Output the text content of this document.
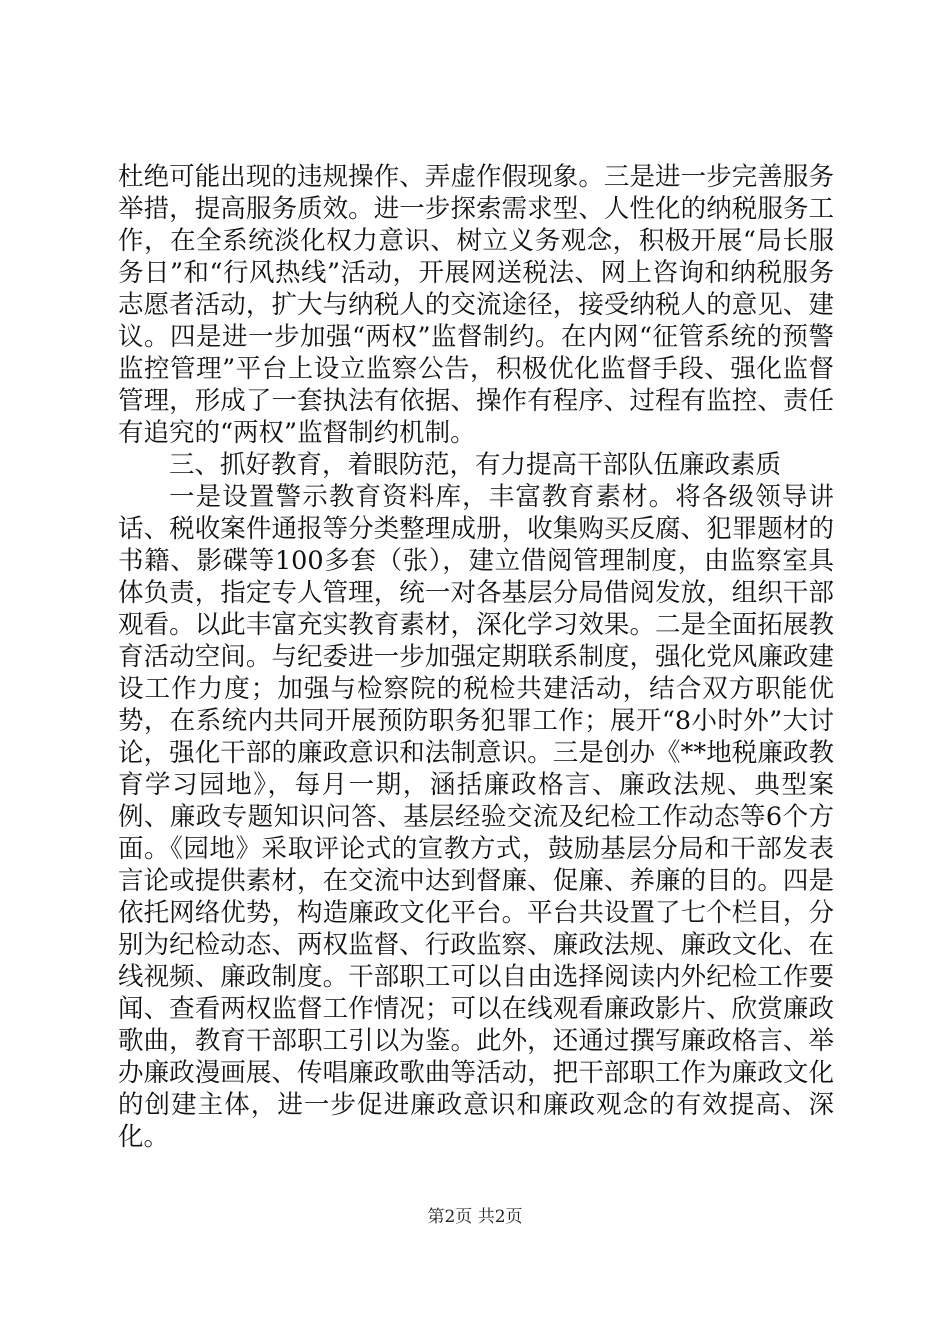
杜绝可能出现的违规操作、弄虚作假现象。三是进一步完善服务举措，提高服务质效。进一步探索需求型、人性化的纳税服务工作，在全系统淡化权力意识、树立义务观念，积极开展“局长服务日”和“行风热线”活动，开展网送税法、网上咨询和纳税服务志愿者活动，扩大与纳税人的交流途径，接受纳税人的意见、建议。四是进一步加强“两权”监督制约。在内网“征管系统的预警监控管理”平台上设立监察公告，积极优化监督手段、强化监督管理，形成了一套执法有依据、操作有程序、过程有监控、责任有追究的“两权”监督制约机制。

三、抓好教育，着眼防范，有力提高干部队伍廉政素质

一是设置警示教育资料库，丰富教育素材。将各级领导讲话、税收案件通报等分类整理成册，收集购买反腐、犯罪题材的书籍、影碟等100多套（张），建立借阅管理制度，由监察室具体负责，指定专人管理，统一对各基层分局借阅发放，组织干部观看。以此丰富充实教育素材，深化学习效果。二是全面拓展教育活动空间。与纪委进一步加强定期联系制度，强化党风廉政建设工作力度；加强与检察院的税检共建活动，结合双方职能优势，在系统内共同开展预防职务犯罪工作；展开“8小时外”大讨论，强化干部的廉政意识和法制意识。三是创办《**地税廉政教育学习园地》，每月一期，涵括廉政格言、廉政法规、典型案例、廉政专题知识问答、基层经验交流及纪检工作动态等6个方面。《园地》采取评论式的宣教方式，鼓励基层分局和干部发表言论或提供素材，在交流中达到督廉、促廉、养廉的目的。四是依托网络优势，构造廉政文化平台。平台共设置了七个栏目，分别为纪检动态、两权监督、行政监察、廉政法规、廉政文化、在线视频、廉政制度。干部职工可以自由选择阅读内外纪检工作要闻、查看两权监督工作情况；可以在线观看廉政影片、欣赏廉政歌曲，教育干部职工引以为鉴。此外，还通过撰写廉政格言、举办廉政漫画展、传唱廉政歌曲等活动，把干部职工作为廉政文化的创建主体，进一步促进廉政意识和廉政观念的有效提高、深化。

第2页 共2页
